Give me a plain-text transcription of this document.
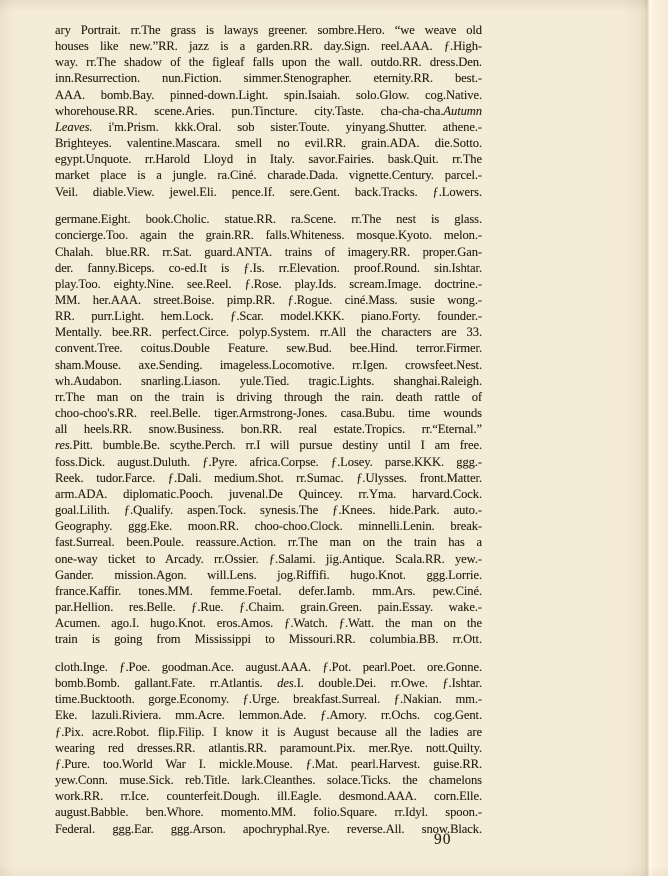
ary Portrait. rr.The grass is laways greener. sombre.Hero. “we weave old
houses like new.”RR. jazz is a garden.RR. day.Sign. reel.AAA. ƒ.High-
way. rr.The shadow of the figleaf falls upon the wall. outdo.RR. dress.Den.
inn.Resurrection. nun.Fiction. simmer.Stenographer. eternity.RR. best.-
AAA. bomb.Bay. pinned-down.Light. spin.Isaiah. solo.Glow. cog.Native.
whorehouse.RR. scene.Aries. pun.Tincture. city.Taste. cha-cha-cha.Autumn
Leaves. i'm.Prism. kkk.Oral. sob sister.Toute. yinyang.Shutter. athene.-
Brighteyes. valentine.Mascara. smell no evil.RR. grain.ADA. die.Sotto.
egypt.Unquote. rr.Harold Lloyd in Italy. savor.Fairies. bask.Quit. rr.The
market place is a jungle. ra.Ciné. charade.Dada. vignette.Century. parcel.-
Veil. diable.View. jewel.Eli. pence.If. sere.Gent. back.Tracks. ƒ.Lowers.
germane.Eight. book.Cholic. statue.RR. ra.Scene. rr.The nest is glass.
concierge.Too. again the grain.RR. falls.Whiteness. mosque.Kyoto. melon.-
Chalah. blue.RR. rr.Sat. guard.ANTA. trains of imagery.RR. proper.Gan-
der. fanny.Biceps. co-ed.It is ƒ.Is. rr.Elevation. proof.Round. sin.Ishtar.
play.Too. eighty.Nine. see.Reel. ƒ.Rose. play.Ids. scream.Image. doctrine.-
MM. her.AAA. street.Boise. pimp.RR. ƒ.Rogue. ciné.Mass. susie wong.-
RR. purr.Light. hem.Lock. ƒ.Scar. model.KKK. piano.Forty. founder.-
Mentally. bee.RR. perfect.Circe. polyp.System. rr.All the characters are 33.
convent.Tree. coitus.Double Feature. sew.Bud. bee.Hind. terror.Firmer.
sham.Mouse. axe.Sending. imageless.Locomotive. rr.Igen. crowsfeet.Nest.
wh.Audabon. snarling.Liason. yule.Tied. tragic.Lights. shanghai.Raleigh.
rr.The man on the train is driving through the rain. death rattle of
choo-choo's.RR. reel.Belle. tiger.Armstrong-Jones. casa.Bubu. time wounds
all heels.RR. snow.Business. bon.RR. real estate.Tropics. rr.“Eternal.”
res.Pitt. bumble.Be. scythe.Perch. rr.I will pursue destiny until I am free.
foss.Dick. august.Duluth. ƒ.Pyre. africa.Corpse. ƒ.Losey. parse.KKK. ggg.-
Reek. tudor.Farce. ƒ.Dali. medium.Shot. rr.Sumac. ƒ.Ulysses. front.Matter.
arm.ADA. diplomatic.Pooch. juvenal.De Quincey. rr.Yma. harvard.Cock.
goal.Lilith. ƒ.Qualify. aspen.Tock. synesis.The ƒ.Knees. hide.Park. auto.-
Geography. ggg.Eke. moon.RR. choo-choo.Clock. minnelli.Lenin. break-
fast.Surreal. been.Poule. reassure.Action. rr.The man on the train has a
one-way ticket to Arcady. rr.Ossier. ƒ.Salami. jig.Antique. Scala.RR. yew.-
Gander. mission.Agon. will.Lens. jog.Riffifi. hugo.Knot. ggg.Lorrie.
france.Kaffir. tones.MM. femme.Foetal. defer.Iamb. mm.Ars. pew.Ciné.
par.Hellion. res.Belle. ƒ.Rue. ƒ.Chaim. grain.Green. pain.Essay. wake.-
Acumen. ago.I. hugo.Knot. eros.Amos. ƒ.Watch. ƒ.Watt. the man on the
train is going from Mississippi to Missouri.RR. columbia.BB. rr.Ott.
cloth.Inge. ƒ.Poe. goodman.Ace. august.AAA. ƒ.Pot. pearl.Poet. ore.Gonne.
bomb.Bomb. gallant.Fate. rr.Atlantis. des.I. double.Dei. rr.Owe. ƒ.Ishtar.
time.Bucktooth. gorge.Economy. ƒ.Urge. breakfast.Surreal. ƒ.Nakian. mm.-
Eke. lazuli.Riviera. mm.Acre. lemmon.Ade. ƒ.Amory. rr.Ochs. cog.Gent.
ƒ.Pix. acre.Robot. flip.Filip. I know it is August because all the ladies are
wearing red dresses.RR. atlantis.RR. paramount.Pix. mer.Rye. nott.Quilty.
ƒ.Pure. too.World War I. mickle.Mouse. ƒ.Mat. pearl.Harvest. guise.RR.
yew.Conn. muse.Sick. reb.Title. lark.Cleanthes. solace.Ticks. the chamelons
work.RR. rr.Ice. counterfeit.Dough. ill.Eagle. desmond.AAA. corn.Elle.
august.Babble. ben.Whore. momento.MM. folio.Square. rr.Idyl. spoon.-
Federal. ggg.Ear. ggg.Arson. apochryphal.Rye. reverse.All. snow.Black.
90
